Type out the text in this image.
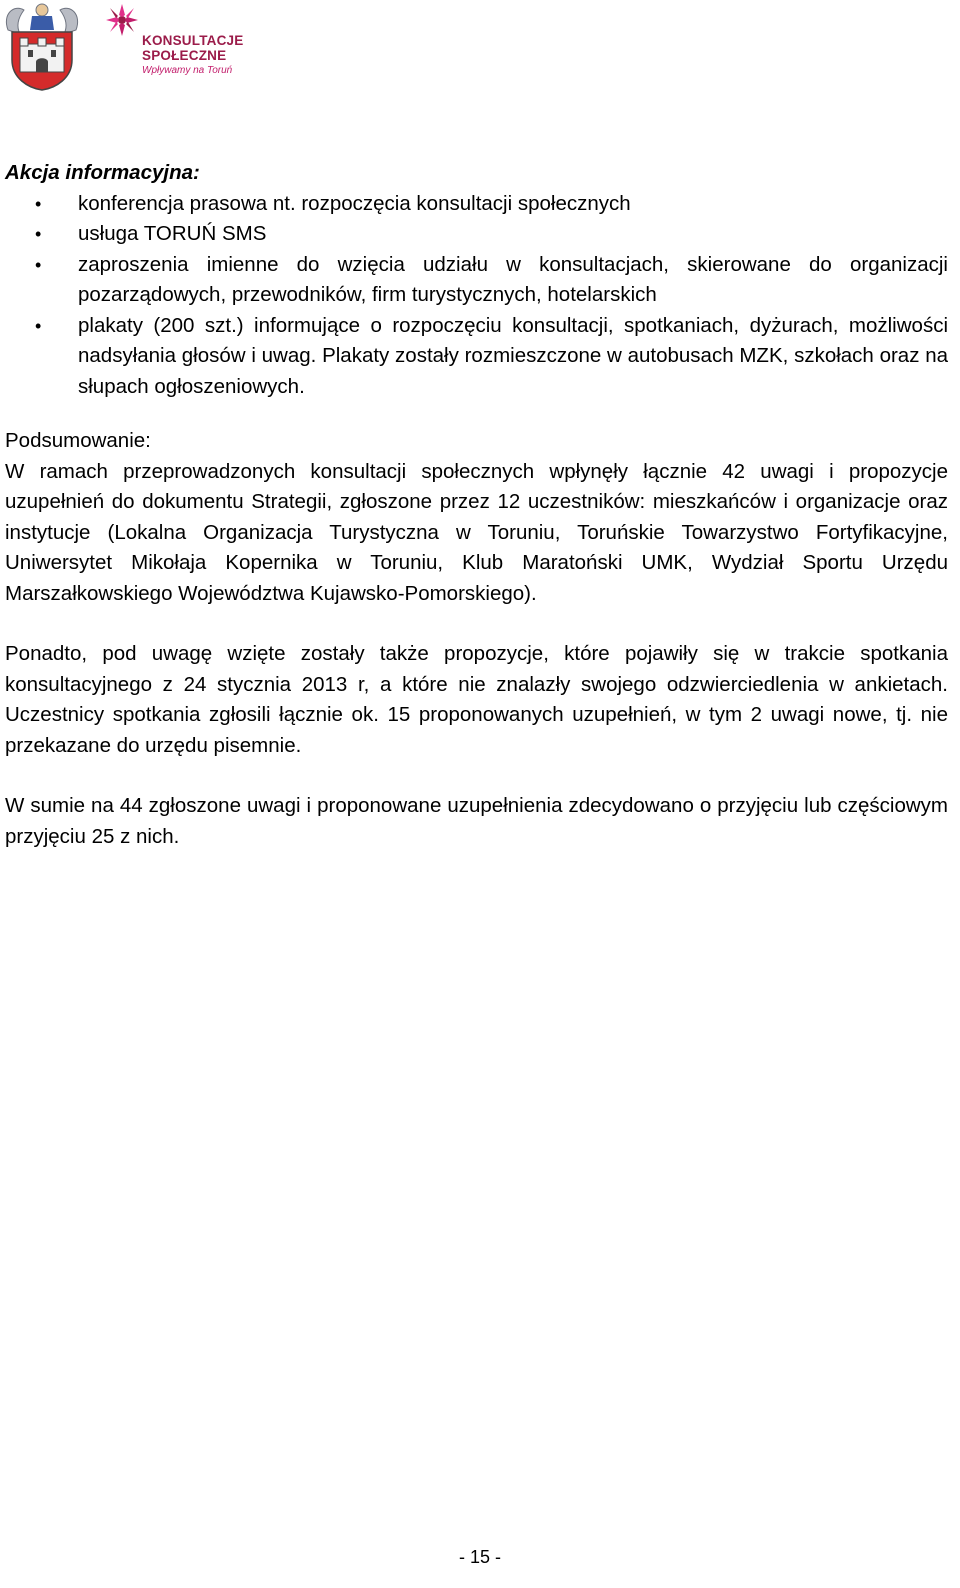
KONSULTACJE
SPOŁECZNE
Wpływamy na Toruń

Akcja informacyjna:

• konferencja prasowa nt. rozpoczęcia konsultacji społecznych
• usługa TORUŃ SMS
• zaproszenia imienne do wzięcia udziału w konsultacjach, skierowane do organizacji pozarządowych, przewodników, firm turystycznych, hotelarskich
• plakaty (200 szt.) informujące o rozpoczęciu konsultacji, spotkaniach, dyżurach, możliwości nadsyłania głosów i uwag. Plakaty zostały rozmieszczone w autobusach MZK, szkołach oraz na słupach ogłoszeniowych.

Podsumowanie:

W ramach przeprowadzonych konsultacji społecznych wpłynęły łącznie 42 uwagi i propozycje uzupełnień do dokumentu Strategii, zgłoszone przez 12 uczestników: mieszkańców i organizacje oraz instytucje (Lokalna Organizacja Turystyczna w Toruniu, Toruńskie Towarzystwo Fortyfikacyjne, Uniwersytet Mikołaja Kopernika w Toruniu, Klub Maratoński UMK, Wydział Sportu Urzędu Marszałkowskiego Województwa Kujawsko-Pomorskiego).

Ponadto, pod uwagę wzięte zostały także propozycje, które pojawiły się w trakcie spotkania konsultacyjnego z 24 stycznia 2013 r, a które nie znalazły swojego odzwierciedlenia w ankietach. Uczestnicy spotkania zgłosili łącznie ok. 15 proponowanych uzupełnień, w tym 2 uwagi nowe, tj. nie przekazane do urzędu pisemnie.

W sumie na 44 zgłoszone uwagi i proponowane uzupełnienia zdecydowano o przyjęciu lub częściowym przyjęciu 25 z nich.

- 15 -
